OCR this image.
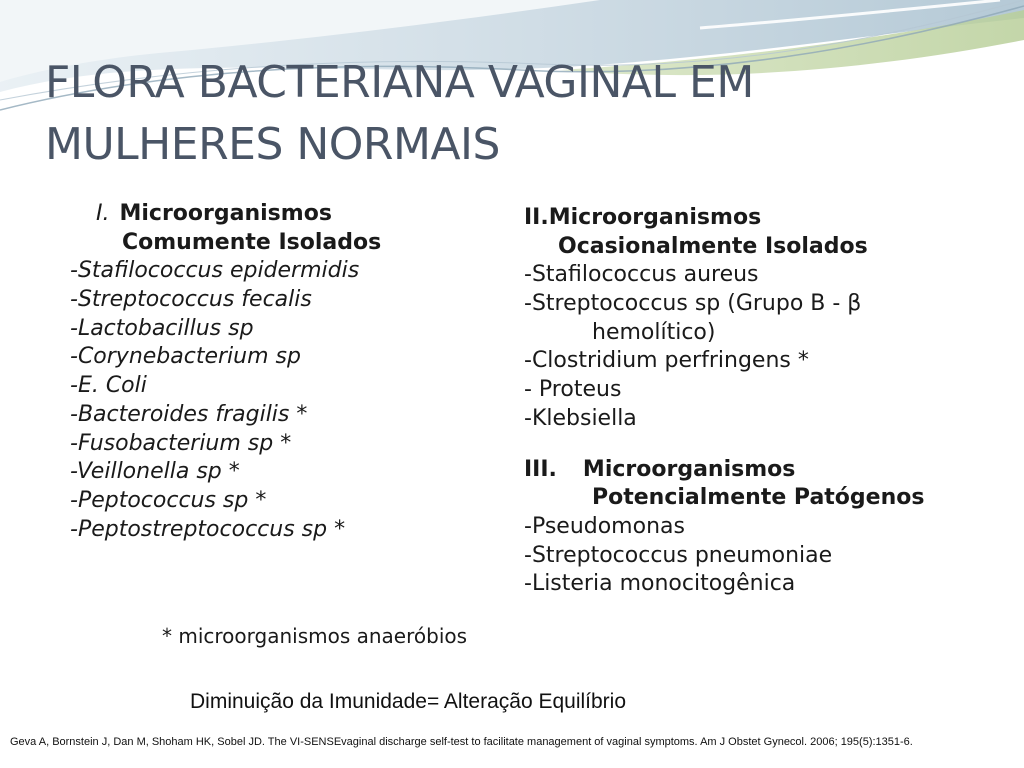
FLORA BACTERIANA VAGINAL EM
MULHERES NORMAIS
I. Microorganismos
Comumente Isolados
-Stafilococcus epidermidis
-Streptococcus fecalis
-Lactobacillus sp
-Corynebacterium sp
-E. Coli
-Bacteroides fragilis *
-Fusobacterium sp *
-Veillonella sp *
-Peptococcus sp *
-Peptostreptococcus sp *
II.Microorganismos
Ocasionalmente Isolados
-Stafilococcus aureus
-Streptococcus sp (Grupo B - β
hemolítico)
-Clostridium perfringens *
- Proteus
-Klebsiella
III. Microorganismos
Potencialmente Patógenos
-Pseudomonas
-Streptococcus pneumoniae
-Listeria monocitogênica
* microorganismos anaeróbios
Diminuição da Imunidade= Alteração Equilíbrio
Geva A, Bornstein J, Dan M, Shoham HK, Sobel JD. The VI-SENSEvaginal discharge self-test to facilitate management of vaginal symptoms. Am J Obstet Gynecol. 2006; 195(5):1351-6.
